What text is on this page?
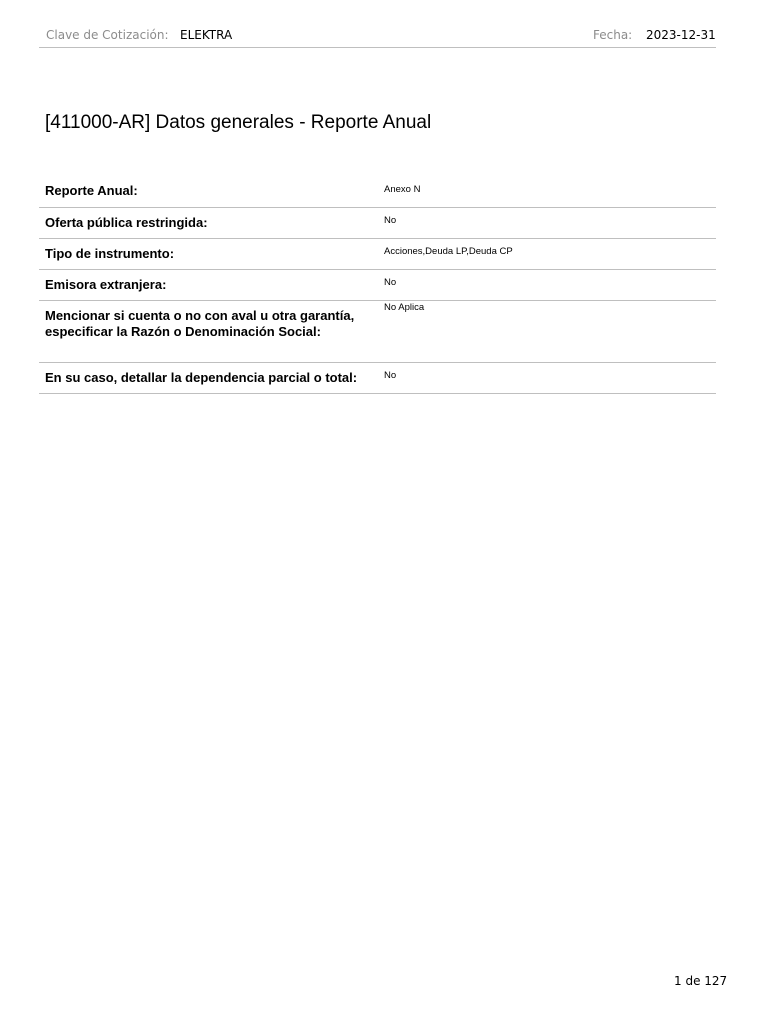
Clave de Cotización: ELEKTRA	Fecha: 2023-12-31
[411000-AR] Datos generales - Reporte Anual
Reporte Anual:	Anexo N
Oferta pública restringida:	No
Tipo de instrumento:	Acciones,Deuda LP,Deuda CP
Emisora extranjera:	No
Mencionar si cuenta o no con aval u otra garantía, especificar la Razón o Denominación Social:
No Aplica
En su caso, detallar la dependencia parcial o total:	No
1 de 127
